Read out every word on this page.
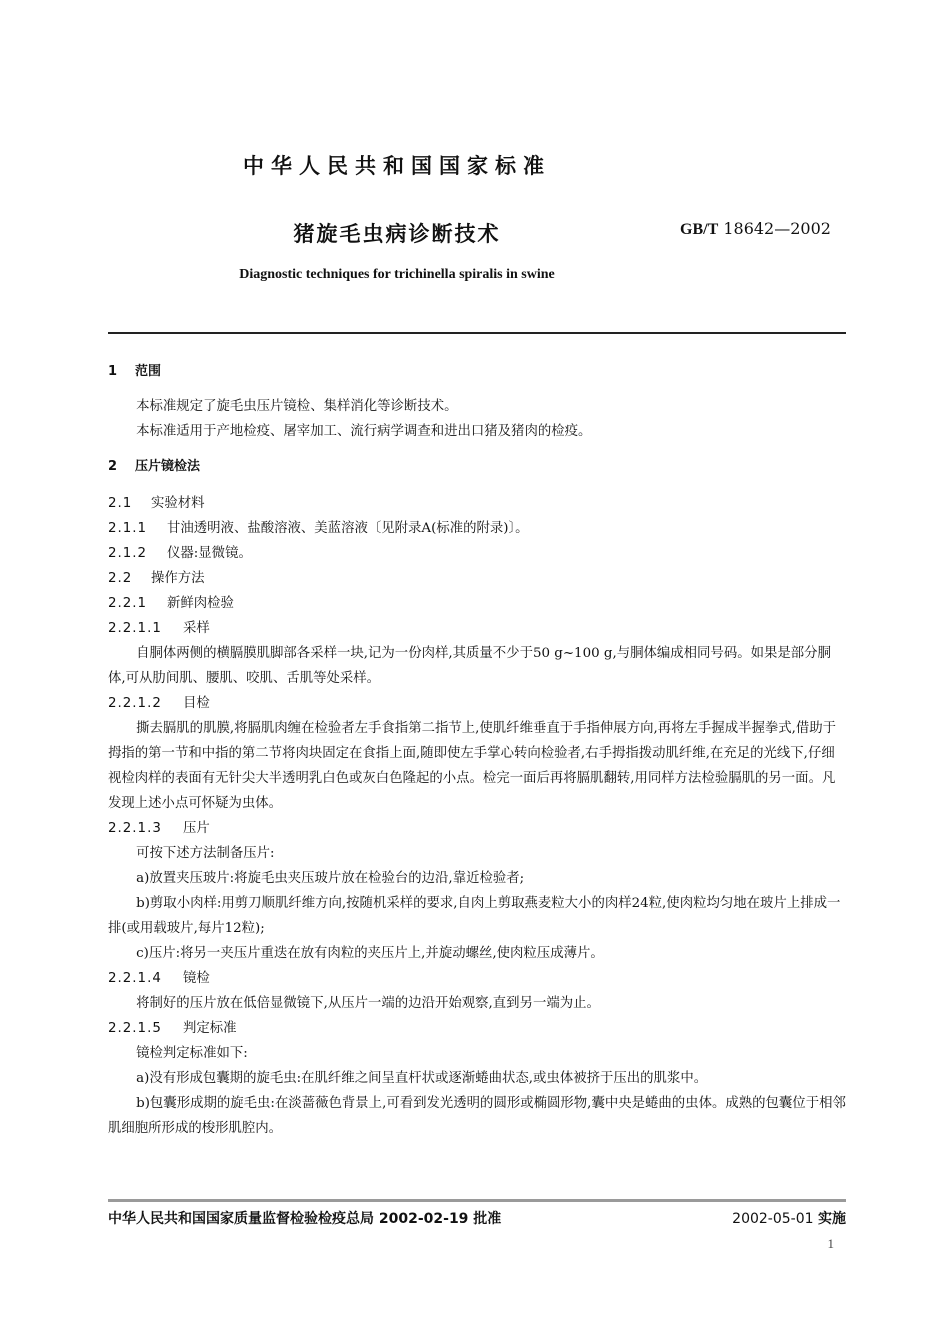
中华人民共和国国家标准
猪旋毛虫病诊断技术	GB/T 18642—2002
Diagnostic techniques for trichinella spiralis in swine

1 范围

本标准规定了旋毛虫压片镜检、集样消化等诊断技术。

本标准适用于产地检疫、屠宰加工、流行病学调查和进出口猪及猪肉的检疫。

2 压片镜检法

2.1 实验材料

2.1.1 甘油透明液、盐酸溶液、美蓝溶液〔见附录A(标准的附录)〕。

2.1.2 仪器:显微镜。

2.2 操作方法

2.2.1 新鲜肉检验

2.2.1.1 采样

自胴体两侧的横膈膜肌脚部各采样一块,记为一份肉样,其质量不少于50 g~100 g,与胴体编成相同号码。如果是部分胴体,可从肋间肌、腰肌、咬肌、舌肌等处采样。

2.2.1.2 目检

撕去膈肌的肌膜,将膈肌肉缠在检验者左手食指第二指节上,使肌纤维垂直于手指伸展方向,再将左手握成半握拳式,借助于拇指的第一节和中指的第二节将肉块固定在食指上面,随即使左手掌心转向检验者,右手拇指拨动肌纤维,在充足的光线下,仔细视检肉样的表面有无针尖大半透明乳白色或灰白色隆起的小点。检完一面后再将膈肌翻转,用同样方法检验膈肌的另一面。凡发现上述小点可怀疑为虫体。

2.2.1.3 压片

可按下述方法制备压片:

a)放置夹压玻片:将旋毛虫夹压玻片放在检验台的边沿,靠近检验者;

b)剪取小肉样:用剪刀顺肌纤维方向,按随机采样的要求,自肉上剪取燕麦粒大小的肉样24粒,使肉粒均匀地在玻片上排成一排(或用载玻片,每片12粒);

c)压片:将另一夹压片重迭在放有肉粒的夹压片上,并旋动螺丝,使肉粒压成薄片。

2.2.1.4 镜检

将制好的压片放在低倍显微镜下,从压片一端的边沿开始观察,直到另一端为止。

2.2.1.5 判定标准

镜检判定标准如下:

a)没有形成包囊期的旋毛虫:在肌纤维之间呈直杆状或逐渐蜷曲状态,或虫体被挤于压出的肌浆中。

b)包囊形成期的旋毛虫:在淡蔷薇色背景上,可看到发光透明的圆形或椭圆形物,囊中央是蜷曲的虫体。成熟的包囊位于相邻肌细胞所形成的梭形肌腔内。

中华人民共和国国家质量监督检验检疫总局 2002-02-19 批准	2002-05-01 实施
1
